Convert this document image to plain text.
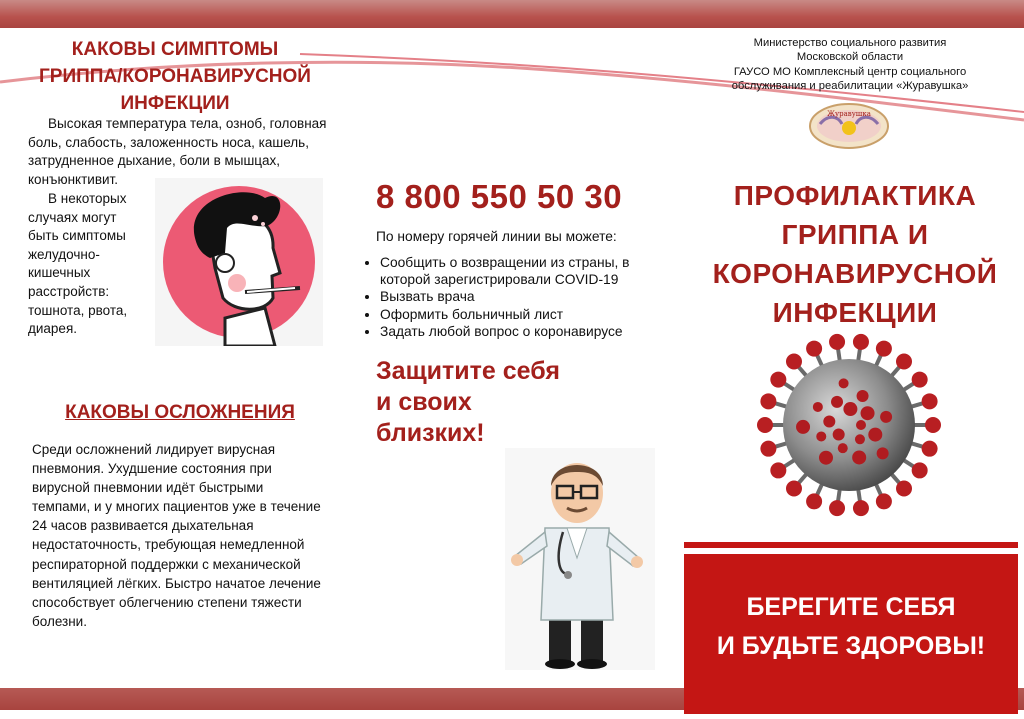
КАКОВЫ СИМПТОМЫ
ГРИППА/КОРОНАВИРУСНОЙ
ИНФЕКЦИИ
Высокая температура тела, озноб, головная
боль, слабость, заложенность носа, кашель,
затрудненное дыхание, боли в мышцах,
конъюнктивит.
В некоторых
случаях могут
быть симптомы
желудочно-
кишечных
расстройств:
тошнота, рвота,
диарея.
КАКОВЫ ОСЛОЖНЕНИЯ
Среди осложнений лидирует вирусная
пневмония. Ухудшение состояния при
вирусной пневмонии идёт быстрыми
темпами, и у многих пациентов уже в течение
24 часов развивается дыхательная
недостаточность, требующая немедленной
респираторной поддержки с механической
вентиляцией лёгких. Быстро начатое лечение
способствует облегчению степени тяжести
болезни.
8 800 550 50 30
По номеру горячей линии вы можете:
• Сообщить о возвращении из страны, в
которой зарегистрировали COVID-19
• Вызвать врача
• Оформить больничный лист
• Задать любой вопрос о коронавирусе
Защитите себя
и своих
близких!
Министерство социального развития
Московской области
ГАУСО МО Комплексный центр социального
обслуживания и реабилитации «Журавушка»
Журавушка
ПРОФИЛАКТИКА
ГРИППА И
КОРОНАВИРУСНОЙ
ИНФЕКЦИИ
БЕРЕГИТЕ СЕБЯ
И БУДЬТЕ ЗДОРОВЫ!
